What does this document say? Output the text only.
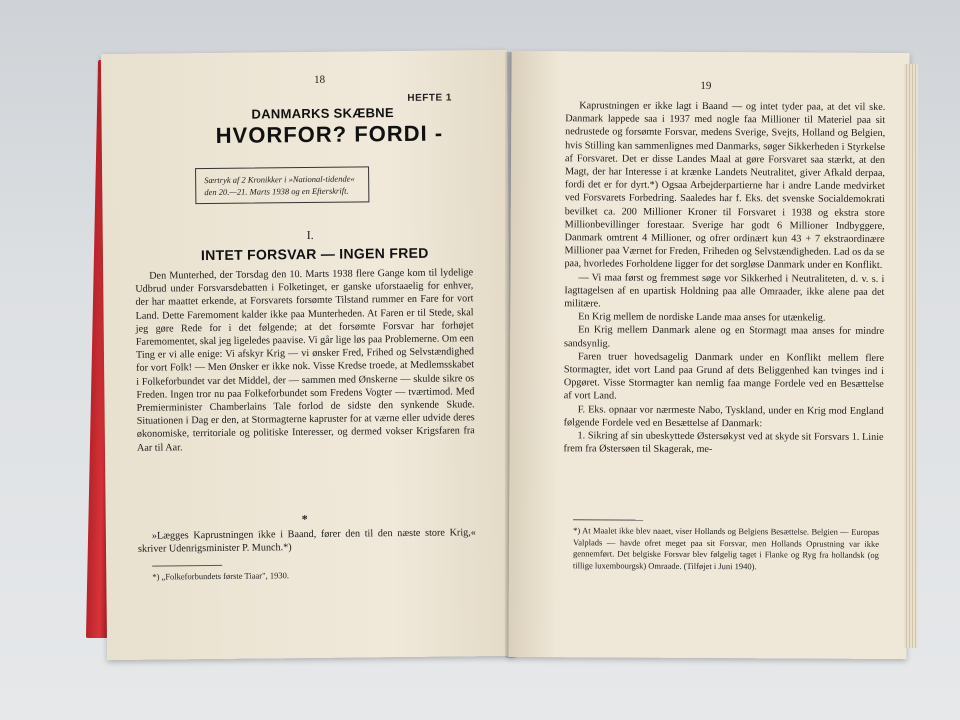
18
HEFTE 1
DANMARKS SKÆBNE
HVORFOR? FORDI -
Særtryk af 2 Kronikker i »National-tidende« den 20.—21. Marts 1938 og en Efterskrift.
I.
INTET FORSVAR — INGEN FRED

Den Munterhed, der Torsdag den 10. Marts 1938 flere Gange kom til lydelige Udbrud under Forsvarsdebatten i Folketinget, er ganske uforstaaelig for enhver, der har maattet erkende, at Forsvarets forsømte Tilstand rummer en Fare for vort Land. Dette Faremoment kalder ikke paa Munterheden. At Faren er til Stede, skal jeg gøre Rede for i det følgende; at det forsømte Forsvar har forhøjet Faremomentet, skal jeg ligeledes paavise. Vi går lige løs paa Problemerne. Om een Ting er vi alle enige: Vi afskyr Krig — vi ønsker Fred, Frihed og Selvstændighed for vort Folk! — Men Ønsker er ikke nok. Visse Kredse troede, at Medlemsskabet i Folkeforbundet var det Middel, der — sammen med Ønskerne — skulde sikre os Freden. Ingen tror nu paa Folkeforbundet som Fredens Vogter — tværtimod. Med Premierminister Chamberlains Tale forlod de sidste den synkende Skude. Situationen i Dag er den, at Stormagterne kapruster for at værne eller udvide deres økonomiske, territoriale og politiske Interesser, og dermed vokser Krigsfaren fra Aar til Aar.

*

»Lægges Kaprustningen ikke i Baand, fører den til den næste store Krig,« skriver Udenrigsminister P. Munch.*)

*) „Folkeforbundets første Tiaar", 1930.
19

Kaprustningen er ikke lagt i Baand — og intet tyder paa, at det vil ske. Danmark lappede saa i 1937 med nogle faa Millioner til Materiel paa sit nedrustede og forsømte Forsvar, medens Sverige, Svejts, Holland og Belgien, hvis Stilling kan sammenlignes med Danmarks, søger Sikkerheden i Styrkelse af Forsvaret. Det er disse Landes Maal at gøre Forsvaret saa stærkt, at den Magt, der har Interesse i at krænke Landets Neutralitet, giver Afkald derpaa, fordi det er for dyrt.*) Ogsaa Arbejderpartierne har i andre Lande medvirket ved Forsvarets Forbedring. Saaledes har f. Eks. det svenske Socialdemokrati bevilket ca. 200 Millioner Kroner til Forsvaret i 1938 og ekstra store Millionbevillinger forestaar. Sverige har godt 6 Millioner Indbyggere, Danmark omtrent 4 Millioner, og ofrer ordinært kun 43 + 7 ekstraordinære Millioner paa Værnet for Freden, Friheden og Selvstændigheden. Lad os da se paa, hvorledes Forholdene ligger for det sorgløse Danmark under en Konflikt.

— Vi maa først og fremmest søge vor Sikkerhed i Neutraliteten, d. v. s. i Iagttagelsen af en upartisk Holdning paa alle Omraader, ikke alene paa det militære.

En Krig mellem de nordiske Lande maa anses for utænkelig.

En Krig mellem Danmark alene og en Stormagt maa anses for mindre sandsynlig.

Faren truer hovedsagelig Danmark under en Konflikt mellem flere Stormagter, idet vort Land paa Grund af dets Beliggenhed kan tvinges ind i Opgøret. Visse Stormagter kan nemlig faa mange Fordele ved en Besættelse af vort Land.

F. Eks. opnaar vor nærmeste Nabo, Tyskland, under en Krig mod England følgende Fordele ved en Besættelse af Danmark:

1. Sikring af sin ubeskyttede Østersøkyst ved at skyde sit Forsvars 1. Linie frem fra Østersøen til Skagerak, me-

*) At Maalet ikke blev naaet, viser Hollands og Belgiens Besættelse. Belgien — Europas Valplads — havde ofret meget paa sit Forsvar, men Hollands Oprustning var ikke gennemført. Det belgiske Forsvar blev følgelig taget i Flanke og Ryg fra hollandsk (og tillige luxembourgsk) Omraade. (Tilføjet i Juni 1940).
